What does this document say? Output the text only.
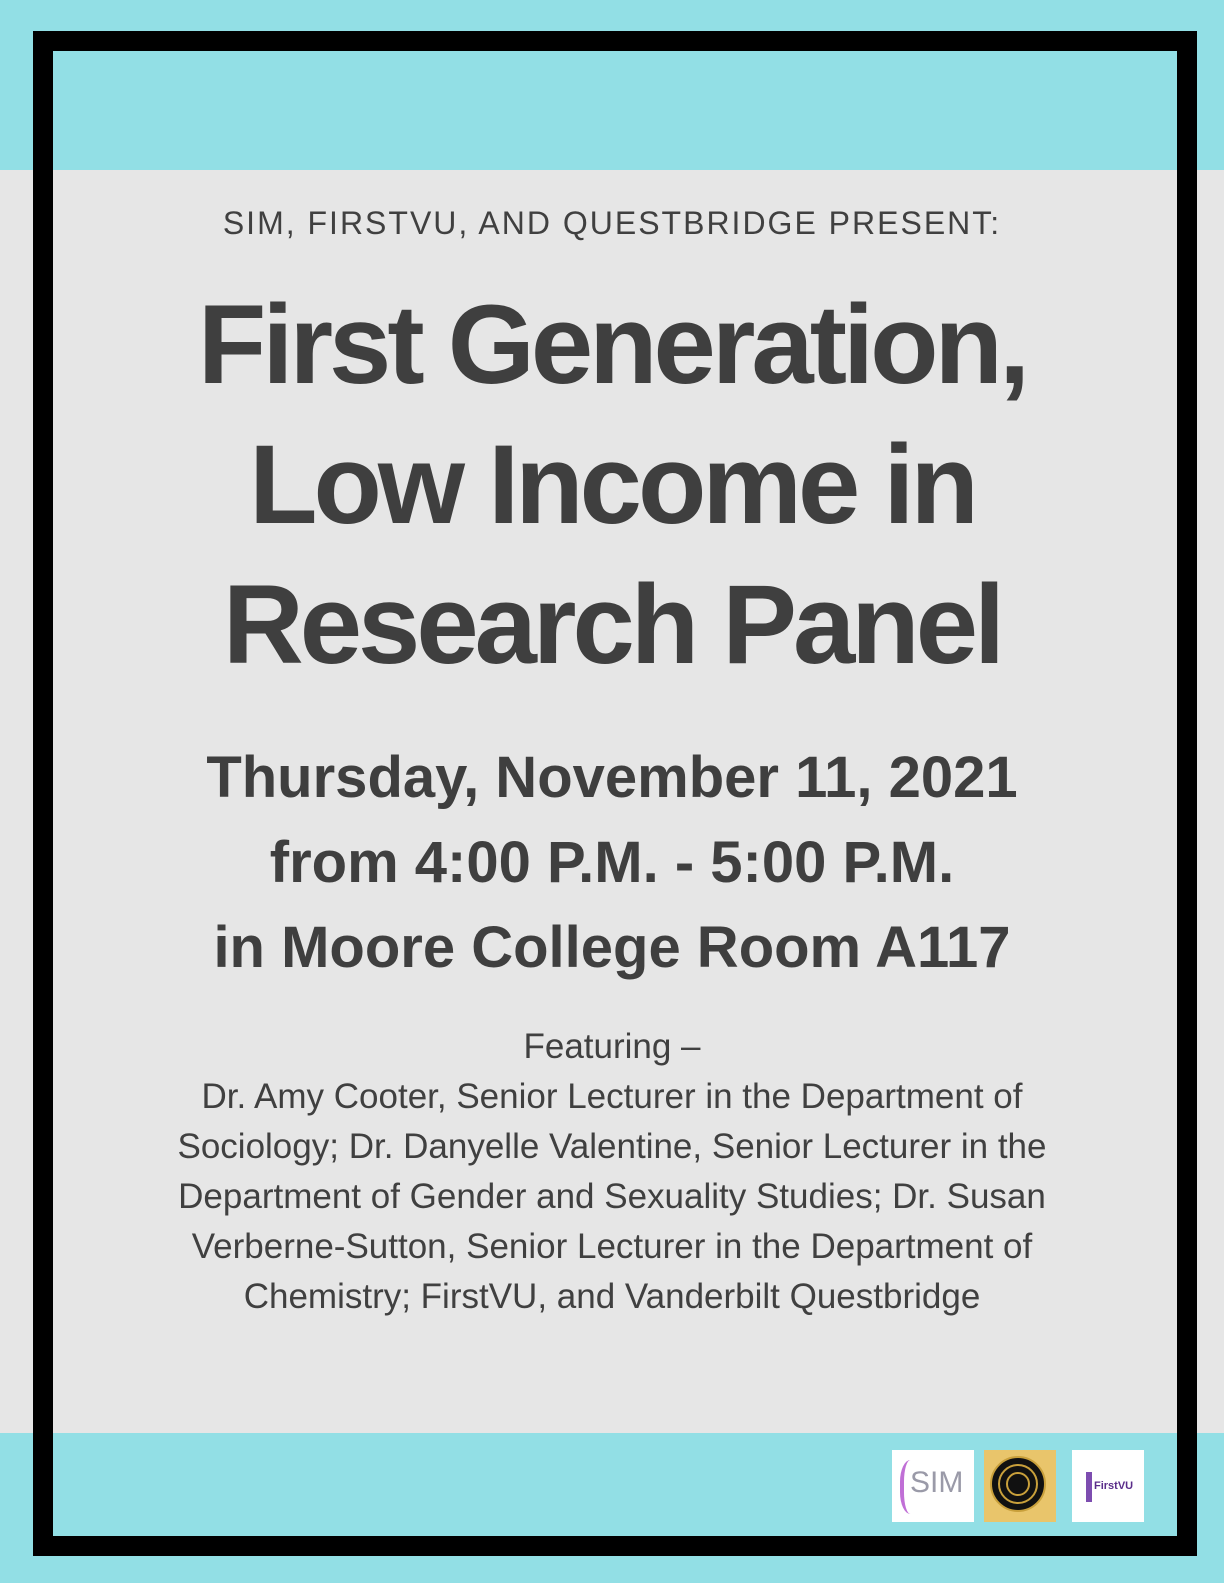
SIM, FIRSTVU, AND QUESTBRIDGE PRESENT:
First Generation,
Low Income in
Research Panel
Thursday, November 11, 2021
from 4:00 P.M. - 5:00 P.M.
in Moore College Room A117
Featuring –
Dr. Amy Cooter, Senior Lecturer in the Department of Sociology; Dr. Danyelle Valentine, Senior Lecturer in the Department of Gender and Sexuality Studies; Dr. Susan Verberne-Sutton, Senior Lecturer in the Department of Chemistry; FirstVU, and Vanderbilt Questbridge
SIM	FirstVU
